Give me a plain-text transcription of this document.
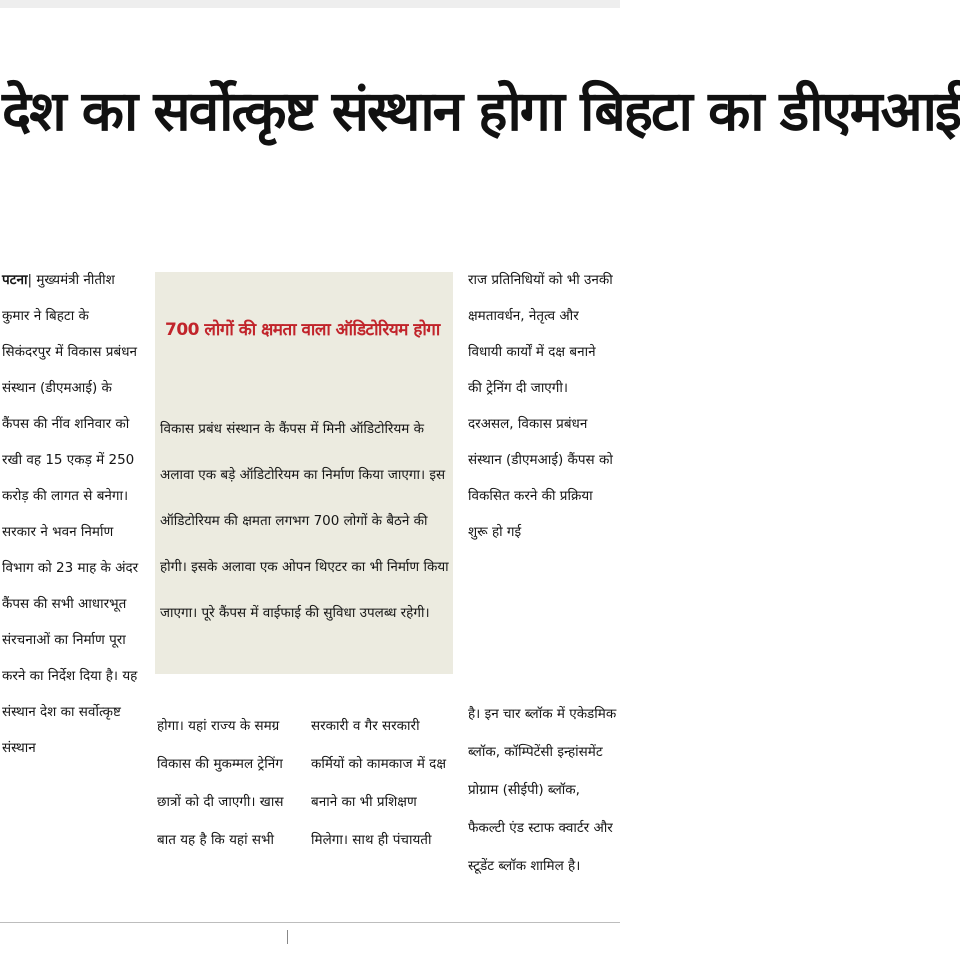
देश का सर्वोत्कृष्ट संस्थान होगा बिहटा का डीएमआई
पटना| मुख्यमंत्री नीतीश कुमार ने बिहटा के सिकंदरपुर में विकास प्रबंधन संस्थान (डीएमआई) के कैंपस की नींव शनिवार को रखी वह 15 एकड़ में 250 करोड़ की लागत से बनेगा। सरकार ने भवन निर्माण विभाग को 23 माह के अंदर कैंपस की सभी आधारभूत संरचनाओं का निर्माण पूरा करने का निर्देश दिया है। यह संस्थान देश का सर्वोत्कृष्ट संस्थान
700 लोगों की क्षमता वाला ऑडिटोरियम होगा
विकास प्रबंध संस्थान के कैंपस में मिनी ऑडिटोरियम के अलावा एक बड़े ऑडिटोरियम का निर्माण किया जाएगा। इस ऑडिटोरियम की क्षमता लगभग 700 लोगों के बैठने की होगी। इसके अलावा एक ओपन थिएटर का भी निर्माण किया जाएगा। पूरे कैंपस में वाईफाई की सुविधा उपलब्ध रहेगी।
राज प्रतिनिधियों को भी उनकी क्षमतावर्धन, नेतृत्व और विधायी कार्यों में दक्ष बनाने की ट्रेनिंग दी जाएगी। दरअसल, विकास प्रबंधन संस्थान (डीएमआई) कैंपस को विकसित करने की प्रक्रिया शुरू हो गई
होगा। यहां राज्य के समग्र विकास की मुकम्मल ट्रेनिंग छात्रों को दी जाएगी। खास बात यह है कि यहां सभी
सरकारी व गैर सरकारी कर्मियों को कामकाज में दक्ष बनाने का भी प्रशिक्षण मिलेगा। साथ ही पंचायती
है। इन चार ब्लॉक में एकेडमिक ब्लॉक, कॉम्पिटेंसी इन्हांसमेंट प्रोग्राम (सीईपी) ब्लॉक, फैकल्टी एंड स्टाफ क्वार्टर और स्टूडेंट ब्लॉक शामिल है।
